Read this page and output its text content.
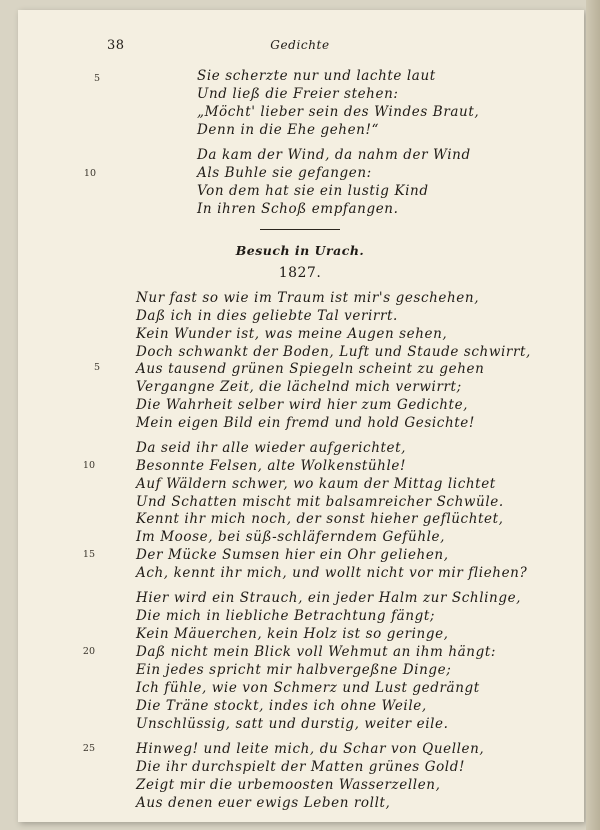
38	Gedichte
5	Sie scherzte nur und lachte laut
Und ließ die Freier stehen:
„Möcht' lieber sein des Windes Braut,
Denn in die Ehe gehen!“
Da kam der Wind, da nahm der Wind
10	Als Buhle sie gefangen:
Von dem hat sie ein lustig Kind
In ihren Schoß empfangen.
Besuch in Urach.
1827.
Nur fast so wie im Traum ist mir's geschehen,
Daß ich in dies geliebte Tal verirrt.
Kein Wunder ist, was meine Augen sehen,
Doch schwankt der Boden, Luft und Staude schwirrt,
5	Aus tausend grünen Spiegeln scheint zu gehen
Vergangne Zeit, die lächelnd mich verwirrt;
Die Wahrheit selber wird hier zum Gedichte,
Mein eigen Bild ein fremd und hold Gesichte!
Da seid ihr alle wieder aufgerichtet,
10	Besonnte Felsen, alte Wolkenstühle!
Auf Wäldern schwer, wo kaum der Mittag lichtet
Und Schatten mischt mit balsamreicher Schwüle.
Kennt ihr mich noch, der sonst hieher geflüchtet,
Im Moose, bei süß-schläferndem Gefühle,
15	Der Mücke Sumsen hier ein Ohr geliehen,
Ach, kennt ihr mich, und wollt nicht vor mir fliehen?
Hier wird ein Strauch, ein jeder Halm zur Schlinge,
Die mich in liebliche Betrachtung fängt;
Kein Mäuerchen, kein Holz ist so geringe,
20	Daß nicht mein Blick voll Wehmut an ihm hängt:
Ein jedes spricht mir halbvergeßne Dinge;
Ich fühle, wie von Schmerz und Lust gedrängt
Die Träne stockt, indes ich ohne Weile,
Unschlüssig, satt und durstig, weiter eile.
25	Hinweg! und leite mich, du Schar von Quellen,
Die ihr durchspielt der Matten grünes Gold!
Zeigt mir die urbemoosten Wasserzellen,
Aus denen euer ewigs Leben rollt,
